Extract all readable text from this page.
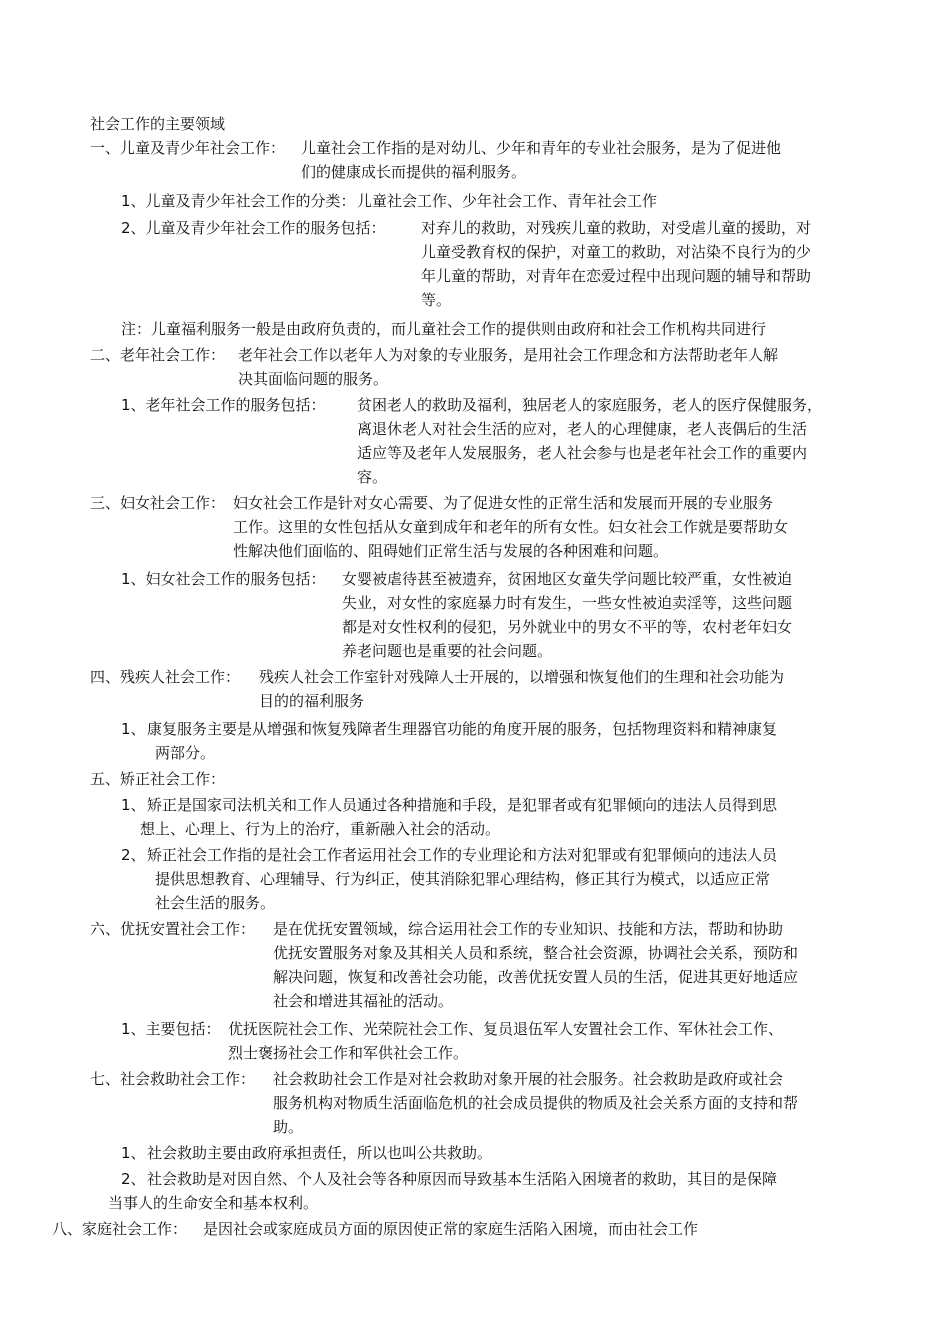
社会工作的主要领域
一、儿童及青少年社会工作： 儿童社会工作指的是对幼儿、少年和青年的专业社会服务，是为了促进他
们的健康成长而提供的福利服务。
1、儿童及青少年社会工作的分类： 儿童社会工作、少年社会工作、青年社会工作
2、儿童及青少年社会工作的服务包括： 对弃儿的救助，对残疾儿童的救助，对受虐儿童的援助，对
儿童受教育权的保护，对童工的救助，对沾染不良行为的少
年儿童的帮助，对青年在恋爱过程中出现问题的辅导和帮助
等。
注：儿童福利服务一般是由政府负责的，而儿童社会工作的提供则由政府和社会工作机构共同进行
二、老年社会工作： 老年社会工作以老年人为对象的专业服务，是用社会工作理念和方法帮助老年人解
决其面临问题的服务。
1、老年社会工作的服务包括： 贫困老人的救助及福利，独居老人的家庭服务，老人的医疗保健服务，
离退休老人对社会生活的应对，老人的心理健康，老人丧偶后的生活
适应等及老年人发展服务，老人社会参与也是老年社会工作的重要内
容。
三、妇女社会工作： 妇女社会工作是针对女心需要、为了促进女性的正常生活和发展而开展的专业服务
工作。这里的女性包括从女童到成年和老年的所有女性。妇女社会工作就是要帮助女
性解决他们面临的、阻碍她们正常生活与发展的各种困难和问题。
1、妇女社会工作的服务包括： 女婴被虐待甚至被遗弃，贫困地区女童失学问题比较严重，女性被迫
失业，对女性的家庭暴力时有发生，一些女性被迫卖淫等，这些问题
都是对女性权利的侵犯，另外就业中的男女不平的等，农村老年妇女
养老问题也是重要的社会问题。
四、残疾人社会工作： 残疾人社会工作室针对残障人士开展的，以增强和恢复他们的生理和社会功能为
目的的福利服务
1、 康复服务主要是从增强和恢复残障者生理器官功能的角度开展的服务，包括物理资料和精神康复
两部分。
五、矫正社会工作：
1、 矫正是国家司法机关和工作人员通过各种措施和手段，是犯罪者或有犯罪倾向的违法人员得到思
想上、心理上、行为上的治疗，重新融入社会的活动。
2、 矫正社会工作指的是社会工作者运用社会工作的专业理论和方法对犯罪或有犯罪倾向的违法人员
提供思想教育、心理辅导、行为纠正，使其消除犯罪心理结构，修正其行为模式，以适应正常
社会生活的服务。
六、优抚安置社会工作： 是在优抚安置领域，综合运用社会工作的专业知识、技能和方法，帮助和协助
优抚安置服务对象及其相关人员和系统，整合社会资源，协调社会关系，预防和
解决问题，恢复和改善社会功能，改善优抚安置人员的生活，促进其更好地适应
社会和增进其福祉的活动。
1、主要包括： 优抚医院社会工作、光荣院社会工作、复员退伍军人安置社会工作、军休社会工作、
烈士褒扬社会工作和军供社会工作。
七、社会救助社会工作： 社会救助社会工作是对社会救助对象开展的社会服务。社会救助是政府或社会
服务机构对物质生活面临危机的社会成员提供的物质及社会关系方面的支持和帮
助。
1、 社会救助主要由政府承担责任，所以也叫公共救助。
2、 社会救助是对因自然、个人及社会等各种原因而导致基本生活陷入困境者的救助，其目的是保障
当事人的生命安全和基本权利。
八、家庭社会工作： 是因社会或家庭成员方面的原因使正常的家庭生活陷入困境，而由社会工作
